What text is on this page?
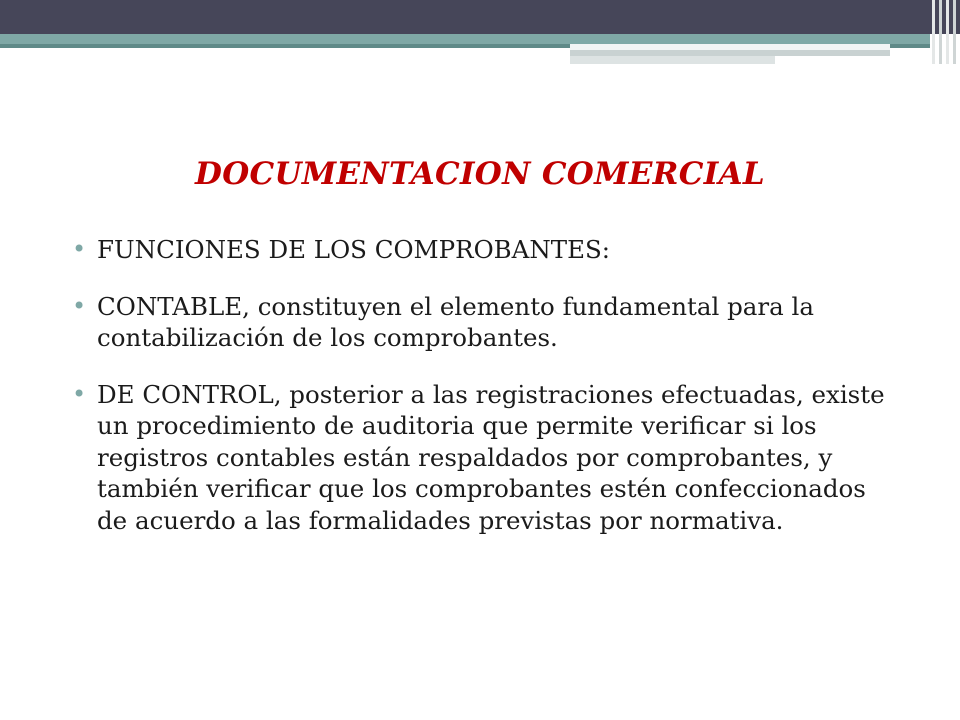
DOCUMENTACION COMERCIAL
• FUNCIONES DE LOS COMPROBANTES:
• CONTABLE, constituyen el elemento fundamental para la contabilización de los comprobantes.
• DE CONTROL, posterior a las registraciones efectuadas, existe un procedimiento de auditoria que permite verificar si los registros contables están respaldados por comprobantes, y también verificar que los comprobantes estén confeccionados de acuerdo a las formalidades previstas por normativa.
